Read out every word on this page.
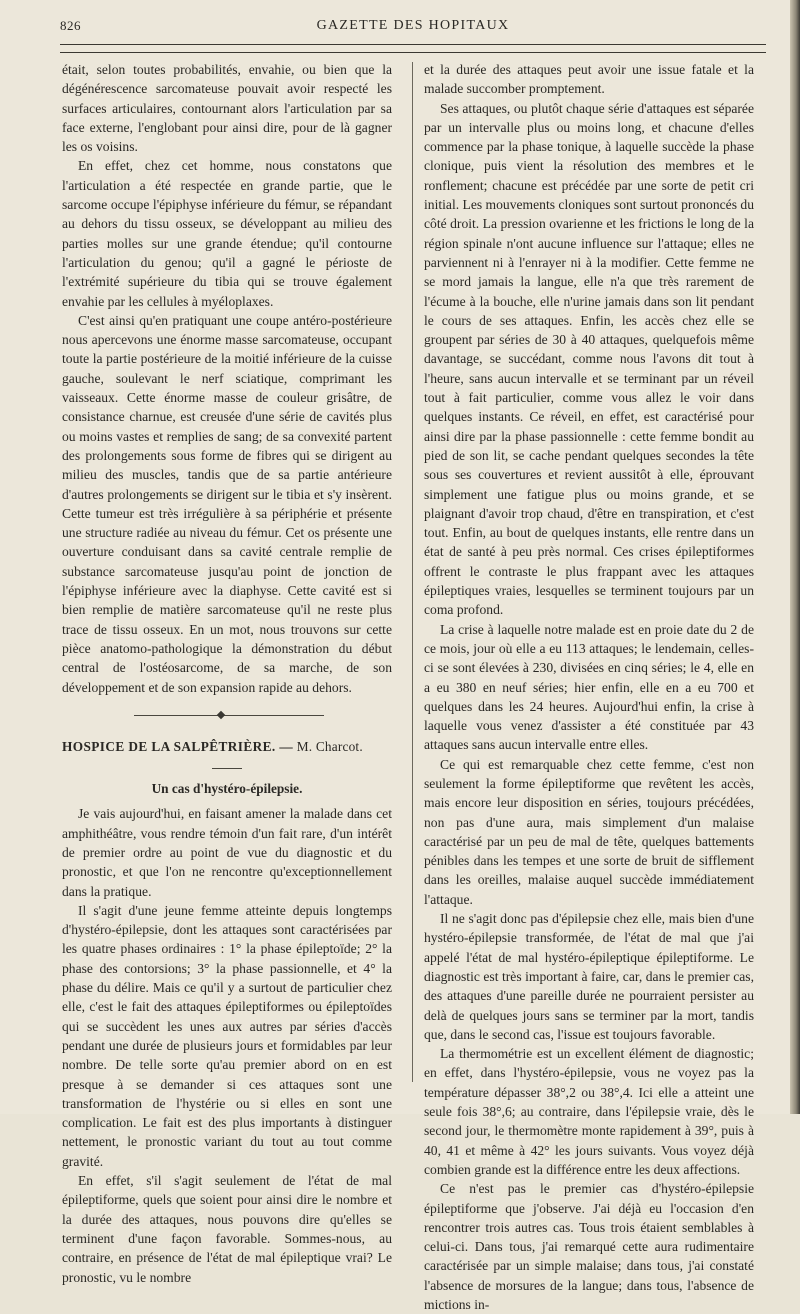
826	GAZETTE DES HOPITAUX

était, selon toutes probabilités, envahie, ou bien que la dégénérescence sarcomateuse pouvait avoir respecté les surfaces articulaires, contournant alors l'articulation par sa face externe, l'englobant pour ainsi dire, pour de là gagner les os voisins.

En effet, chez cet homme, nous constatons que l'articulation a été respectée en grande partie, que le sarcome occupe l'épiphyse inférieure du fémur, se répandant au dehors du tissu osseux, se développant au milieu des parties molles sur une grande étendue; qu'il contourne l'articulation du genou; qu'il a gagné le périoste de l'extrémité supérieure du tibia qui se trouve également envahie par les cellules à myéloplaxes.

C'est ainsi qu'en pratiquant une coupe antéro-postérieure nous apercevons une énorme masse sarcomateuse, occupant toute la partie postérieure de la moitié inférieure de la cuisse gauche, soulevant le nerf sciatique, comprimant les vaisseaux. Cette énorme masse de couleur grisâtre, de consistance charnue, est creusée d'une série de cavités plus ou moins vastes et remplies de sang; de sa convexité partent des prolongements sous forme de fibres qui se dirigent au milieu des muscles, tandis que de sa partie antérieure d'autres prolongements se dirigent sur le tibia et s'y insèrent. Cette tumeur est très irrégulière à sa périphérie et présente une structure radiée au niveau du fémur. Cet os présente une ouverture conduisant dans sa cavité centrale remplie de substance sarcomateuse jusqu'au point de jonction de l'épiphyse inférieure avec la diaphyse. Cette cavité est si bien remplie de matière sarcomateuse qu'il ne reste plus trace de tissu osseux. En un mot, nous trouvons sur cette pièce anatomo-pathologique la démonstration du début central de l'ostéosarcome, de sa marche, de son développement et de son expansion rapide au dehors.

HOSPICE DE LA SALPÊTRIÈRE. — M. Charcot.
Un cas d'hystéro-épilepsie.

Je vais aujourd'hui, en faisant amener la malade dans cet amphithéâtre, vous rendre témoin d'un fait rare, d'un intérêt de premier ordre au point de vue du diagnostic et du pronostic, et que l'on ne rencontre qu'exceptionnellement dans la pratique.

Il s'agit d'une jeune femme atteinte depuis longtemps d'hystéro-épilepsie, dont les attaques sont caractérisées par les quatre phases ordinaires : 1° la phase épileptoïde; 2° la phase des contorsions; 3° la phase passionnelle, et 4° la phase du délire. Mais ce qu'il y a surtout de particulier chez elle, c'est le fait des attaques épileptiformes ou épileptoïdes qui se succèdent les unes aux autres par séries d'accès pendant une durée de plusieurs jours et formidables par leur nombre. De telle sorte qu'au premier abord on en est presque à se demander si ces attaques sont une transformation de l'hystérie ou si elles en sont une complication. Le fait est des plus importants à distinguer nettement, le pronostic variant du tout au tout comme gravité.

En effet, s'il s'agit seulement de l'état de mal épileptiforme, quels que soient pour ainsi dire le nombre et la durée des attaques, nous pouvons dire qu'elles se terminent d'une façon favorable. Sommes-nous, au contraire, en présence de l'état de mal épileptique vrai? Le pronostic, vu le nombre

et la durée des attaques peut avoir une issue fatale et la malade succomber promptement.

Ses attaques, ou plutôt chaque série d'attaques est séparée par un intervalle plus ou moins long, et chacune d'elles commence par la phase tonique, à laquelle succède la phase clonique, puis vient la résolution des membres et le ronflement; chacune est précédée par une sorte de petit cri initial. Les mouvements cloniques sont surtout prononcés du côté droit. La pression ovarienne et les frictions le long de la région spinale n'ont aucune influence sur l'attaque; elles ne parviennent ni à l'enrayer ni à la modifier. Cette femme ne se mord jamais la langue, elle n'a que très rarement de l'écume à la bouche, elle n'urine jamais dans son lit pendant le cours de ses attaques. Enfin, les accès chez elle se groupent par séries de 30 à 40 attaques, quelquefois même davantage, se succédant, comme nous l'avons dit tout à l'heure, sans aucun intervalle et se terminant par un réveil tout à fait particulier, comme vous allez le voir dans quelques instants. Ce réveil, en effet, est caractérisé pour ainsi dire par la phase passionnelle : cette femme bondit au pied de son lit, se cache pendant quelques secondes la tête sous ses couvertures et revient aussitôt à elle, éprouvant simplement une fatigue plus ou moins grande, et se plaignant d'avoir trop chaud, d'être en transpiration, et c'est tout. Enfin, au bout de quelques instants, elle rentre dans un état de santé à peu près normal. Ces crises épileptiformes offrent le contraste le plus frappant avec les attaques épileptiques vraies, lesquelles se terminent toujours par un coma profond.

La crise à laquelle notre malade est en proie date du 2 de ce mois, jour où elle a eu 113 attaques; le lendemain, celles-ci se sont élevées à 230, divisées en cinq séries; le 4, elle en a eu 380 en neuf séries; hier enfin, elle en a eu 700 et quelques dans les 24 heures. Aujourd'hui enfin, la crise à laquelle vous venez d'assister a été constituée par 43 attaques sans aucun intervalle entre elles.

Ce qui est remarquable chez cette femme, c'est non seulement la forme épileptiforme que revêtent les accès, mais encore leur disposition en séries, toujours précédées, non pas d'une aura, mais simplement d'un malaise caractérisé par un peu de mal de tête, quelques battements pénibles dans les tempes et une sorte de bruit de sifflement dans les oreilles, malaise auquel succède immédiatement l'attaque.

Il ne s'agit donc pas d'épilepsie chez elle, mais bien d'une hystéro-épilepsie transformée, de l'état de mal que j'ai appelé l'état de mal hystéro-épileptique épileptiforme. Le diagnostic est très important à faire, car, dans le premier cas, des attaques d'une pareille durée ne pourraient persister au delà de quelques jours sans se terminer par la mort, tandis que, dans le second cas, l'issue est toujours favorable.

La thermométrie est un excellent élément de diagnostic; en effet, dans l'hystéro-épilepsie, vous ne voyez pas la température dépasser 38°,2 ou 38°,4. Ici elle a atteint une seule fois 38°,6; au contraire, dans l'épilepsie vraie, dès le second jour, le thermomètre monte rapidement à 39°, puis à 40, 41 et même à 42° les jours suivants. Vous voyez déjà combien grande est la différence entre les deux affections.

Ce n'est pas le premier cas d'hystéro-épilepsie épileptiforme que j'observe. J'ai déjà eu l'occasion d'en rencontrer trois autres cas. Tous trois étaient semblables à celui-ci. Dans tous, j'ai remarqué cette aura rudimentaire caractérisée par un simple malaise; dans tous, j'ai constaté l'absence de morsures de la langue; dans tous, l'absence de mictions in-
